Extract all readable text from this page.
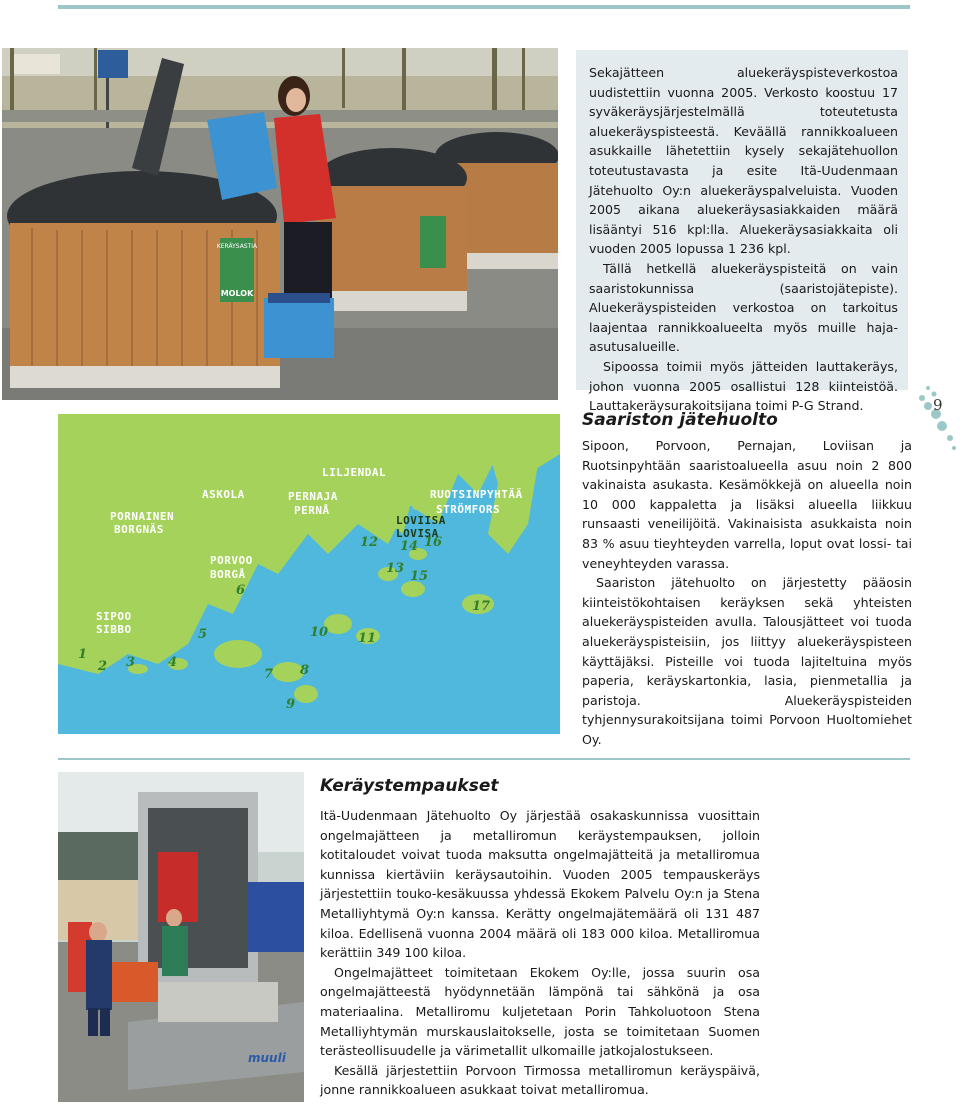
KERÄYSASTIA
MOLOK

Sekajätteen aluekeräyspisteverkostoa uudistettiin vuonna 2005. Verkosto koostuu 17 syväkeräysjärjestelmällä toteutetusta aluekeräyspisteestä. Keväällä rannikkoalueen asukkaille lähetettiin kysely sekajätehuollon toteutustavasta ja esite Itä-Uudenmaan Jätehuolto Oy:n aluekeräyspalveluista. Vuoden 2005 aikana aluekeräysasiakkaiden määrä lisääntyi 516 kpl:lla. Aluekeräysasiakkaita oli vuoden 2005 lopussa 1 236 kpl.

Tällä hetkellä aluekeräyspisteitä on vain saaristokunnissa (saaristojätepiste). Aluekeräyspisteiden verkostoa on tarkoitus laajentaa rannikkoalueelta myös muille haja-asutusalueille.

Sipoossa toimii myös jätteiden lauttakeräys, johon vuonna 2005 osallistui 128 kiinteistöä. Lauttakeräysurakoitsijana toimi P-G Strand.

LILJENDAL
ASKOLA	PERNAJA
PERNÅ
RUOTSINPYHTÄÄ
STRÖMFORS
LOVIISA
LOVISA
PORNAINEN
BORGNÄS
PORVOO
BORGÅ
SIPOO
SIBBO
1
2 3	4
5
6
7 8
9
10 11
12
13
14
15
16
17
Saariston jätehuolto

Sipoon, Porvoon, Pernajan, Loviisan ja Ruotsinpyhtään saaristoalueella asuu noin 2 800 vakinaista asukasta. Kesämökkejä on alueella noin 10 000 kappaletta ja lisäksi alueella liikkuu runsaasti veneilijöitä. Vakinaisista asukkaista noin 83 % asuu tieyhteyden varrella, loput ovat lossi- tai veneyhteyden varassa.

Saariston jätehuolto on järjestetty pääosin kiinteistökohtaisen keräyksen sekä yhteisten aluekeräyspisteiden avulla. Talousjätteet voi tuoda aluekeräyspisteisiin, jos liittyy aluekeräyspisteen käyttäjäksi. Pisteille voi tuoda lajiteltuina myös paperia, keräyskartonkia, lasia, pienmetallia ja paristoja. Aluekeräyspisteiden tyhjennysurakoitsijana toimi Porvoon Huoltomiehet Oy.

9
muuli
Keräystempaukset

Itä-Uudenmaan Jätehuolto Oy järjestää osakaskunnissa vuosittain ongelmajätteen ja metalliromun keräystempauksen, jolloin kotitaloudet voivat tuoda maksutta ongelmajätteitä ja metalliromua kunnissa kiertäviin keräysautoihin. Vuoden 2005 tempauskeräys järjestettiin touko-kesäkuussa yhdessä Ekokem Palvelu Oy:n ja Stena Metalliyhtymä Oy:n kanssa. Kerätty ongelmajätemäärä oli 131 487 kiloa. Edellisenä vuonna 2004 määrä oli 183 000 kiloa. Metalliromua kerättiin 349 100 kiloa.

Ongelmajätteet toimitetaan Ekokem Oy:lle, jossa suurin osa ongelmajätteestä hyödynnetään lämpönä tai sähkönä ja osa materiaalina. Metalliromu kuljetetaan Porin Tahkoluotoon Stena Metalliyhtymän murskauslaitokselle, josta se toimitetaan Suomen terästeollisuudelle ja värimetallit ulkomaille jatkojalostukseen.

Kesällä järjestettiin Porvoon Tirmossa metalliromun keräyspäivä, jonne rannikkoalueen asukkaat toivat metalliromua.
